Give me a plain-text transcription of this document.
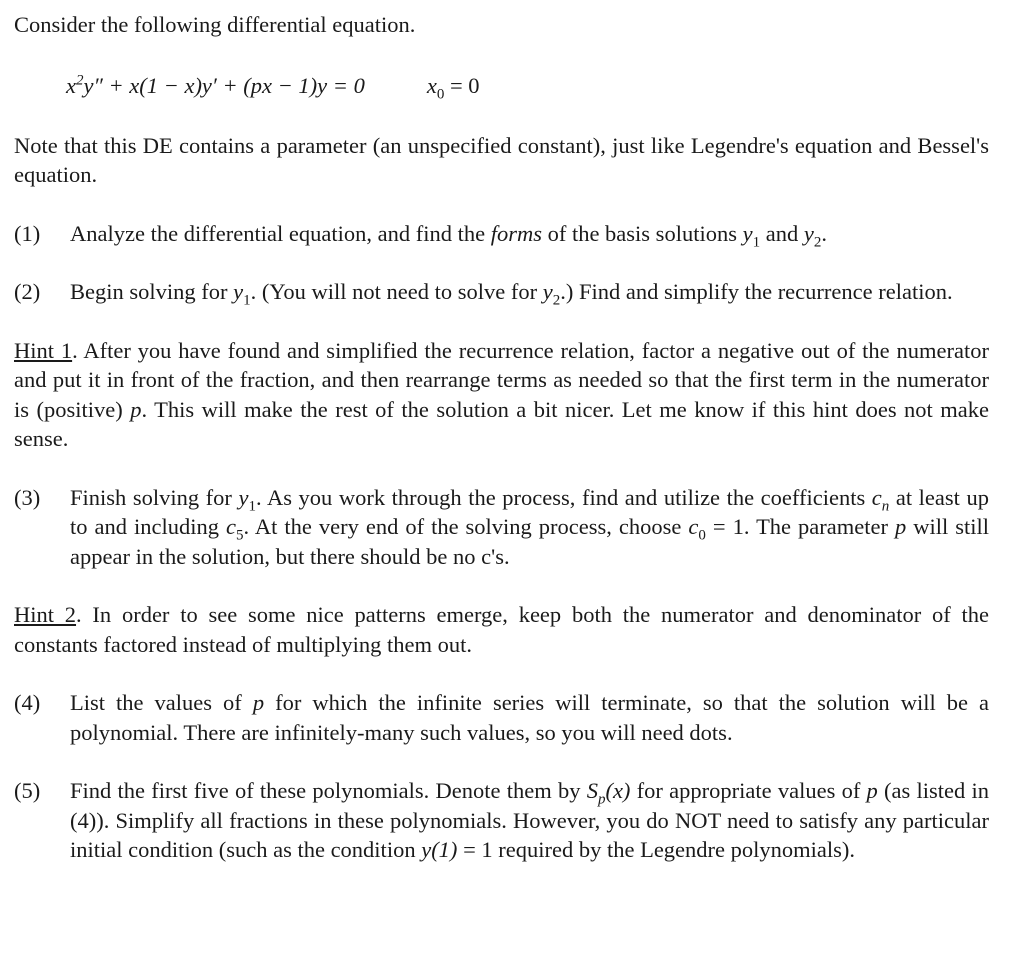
Consider the following differential equation.

$x^2y'' + x(1 - x)y' + (px - 1)y = 0$	$x_0 = 0$

Note that this DE contains a parameter (an unspecified constant), just like Legendre's equation and Bessel's equation.

(1)	Analyze the differential equation, and find the forms of the basis solutions $y_1$ and $y_2$.
(2)	Begin solving for $y_1$. (You will not need to solve for $y_2$.) Find and simplify the recurrence relation.

Hint 1. After you have found and simplified the recurrence relation, factor a negative out of the numerator and put it in front of the fraction, and then rearrange terms as needed so that the first term in the numerator is (positive) p. This will make the rest of the solution a bit nicer. Let me know if this hint does not make sense.

(3)	Finish solving for $y_1$. As you work through the process, find and utilize the coefficients $c_n$ at least up to and including $c_5$. At the very end of the solving process, choose $c_0 = 1$. The parameter p will still appear in the solution, but there should be no c's.

Hint 2. In order to see some nice patterns emerge, keep both the numerator and denominator of the constants factored instead of multiplying them out.

(4)	List the values of p for which the infinite series will terminate, so that the solution will be a polynomial. There are infinitely-many such values, so you will need dots.
(5)	Find the first five of these polynomials. Denote them by $S_p(x)$ for appropriate values of p (as listed in (4)). Simplify all fractions in these polynomials. However, you do NOT need to satisfy any particular initial condition (such as the condition y(1) = 1 required by the Legendre polynomials).
